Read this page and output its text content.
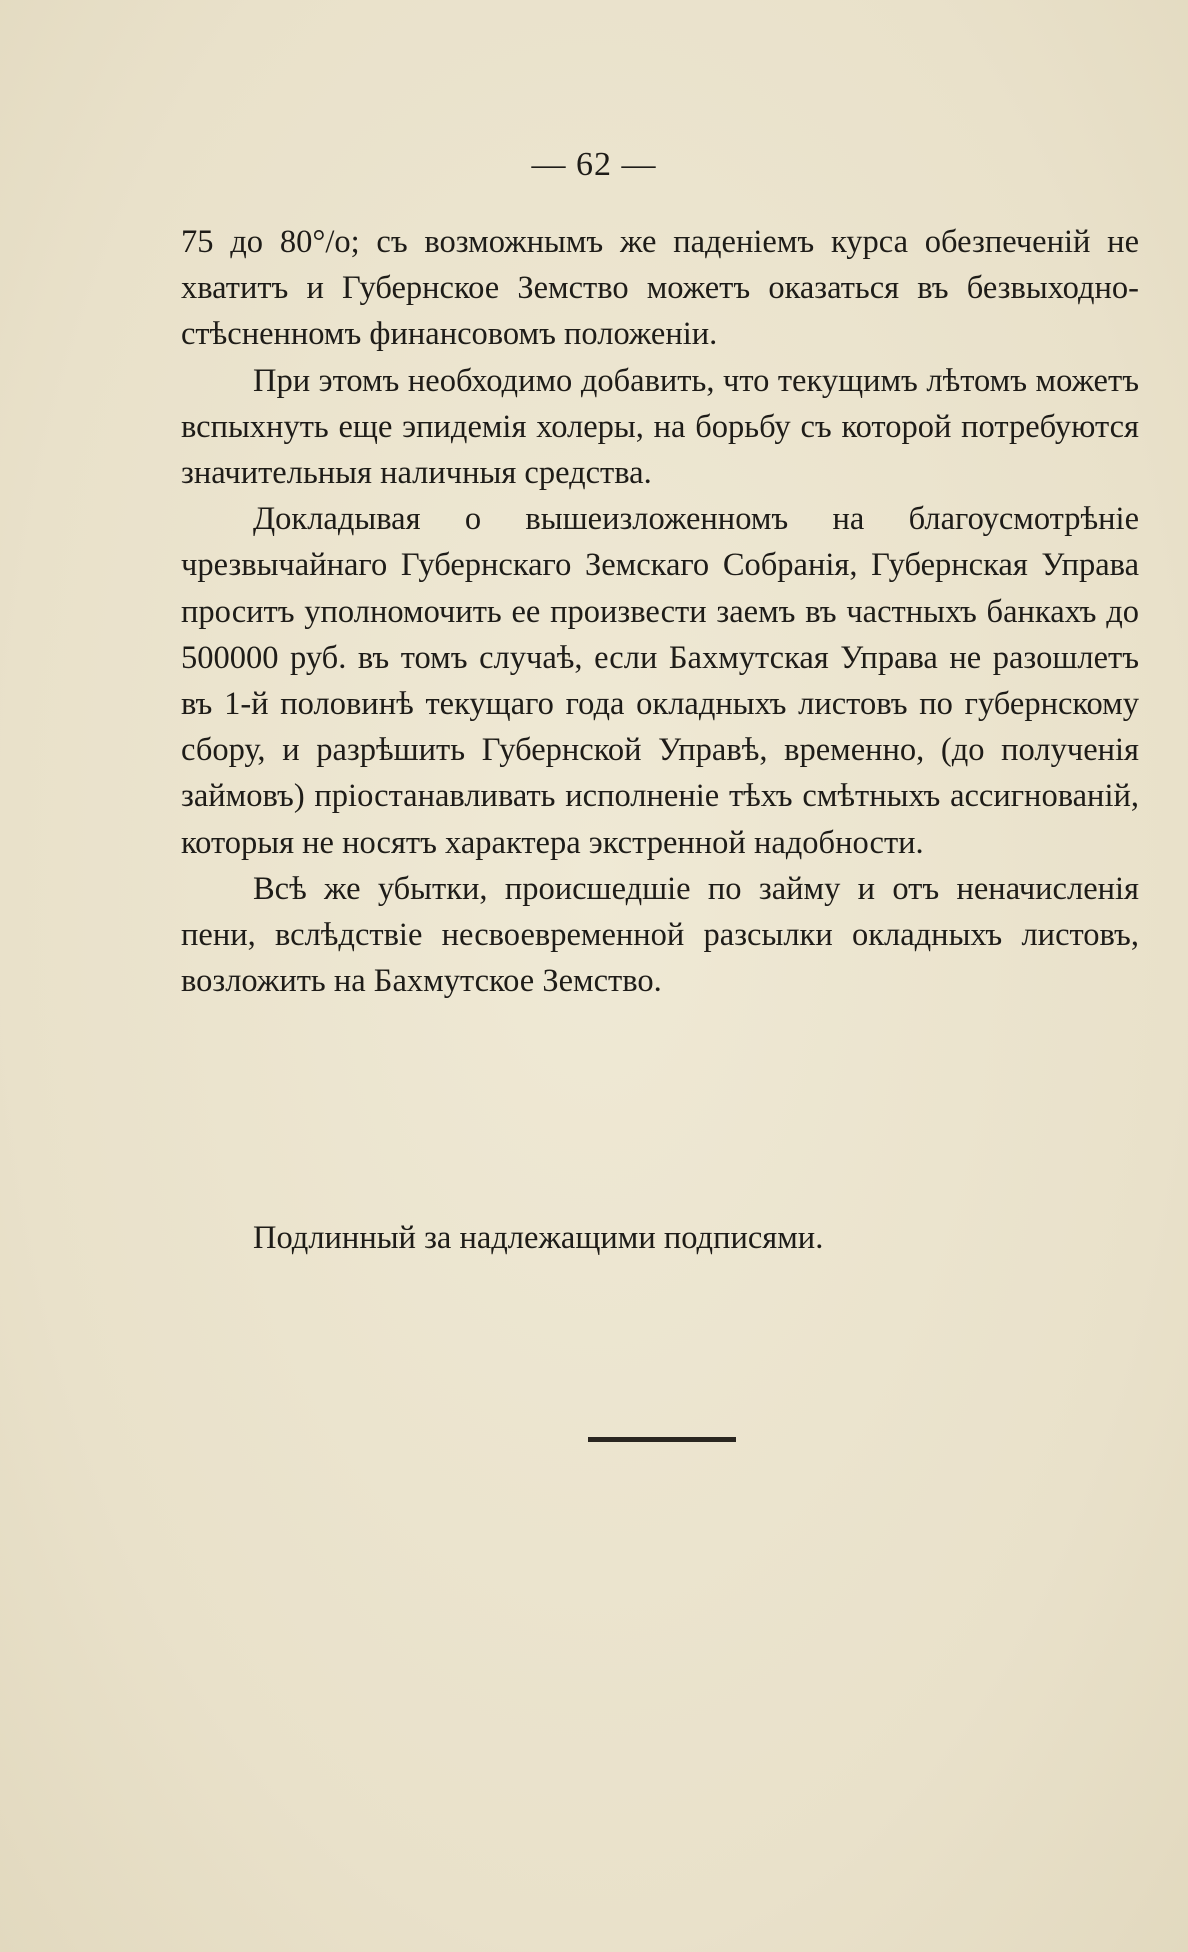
— 62 —

75 до 80°/o; съ возможнымъ же паденіемъ курса обезпеченій не хватитъ и Губернское Земство можетъ оказаться въ безвыходно-стѣсненномъ финансовомъ положеніи.

При этомъ необходимо добавить, что текущимъ лѣтомъ можетъ вспыхнуть еще эпидемія холеры, на борьбу съ которой потребуются значительныя наличныя средства.

Докладывая о вышеизложенномъ на благоусмотрѣніе чрезвычайнаго Губернскаго Земскаго Собранія, Губернская Управа проситъ уполномочить ее произвести заемъ въ частныхъ банкахъ до 500000 руб. въ томъ случаѣ, если Бахмутская Управа не разошлетъ въ 1-й половинѣ текущаго года окладныхъ листовъ по губернскому сбору, и разрѣшить Губернской Управѣ, временно, (до полученія займовъ) пріостанавливать исполненіе тѣхъ смѣтныхъ ассигнованій, которыя не носятъ характера экстренной надобности.

Всѣ же убытки, происшедшіе по займу и отъ неначисленія пени, вслѣдствіе несвоевременной разсылки окладныхъ листовъ, возложить на Бахмутское Земство.

Подлинный за надлежащими подписями.
